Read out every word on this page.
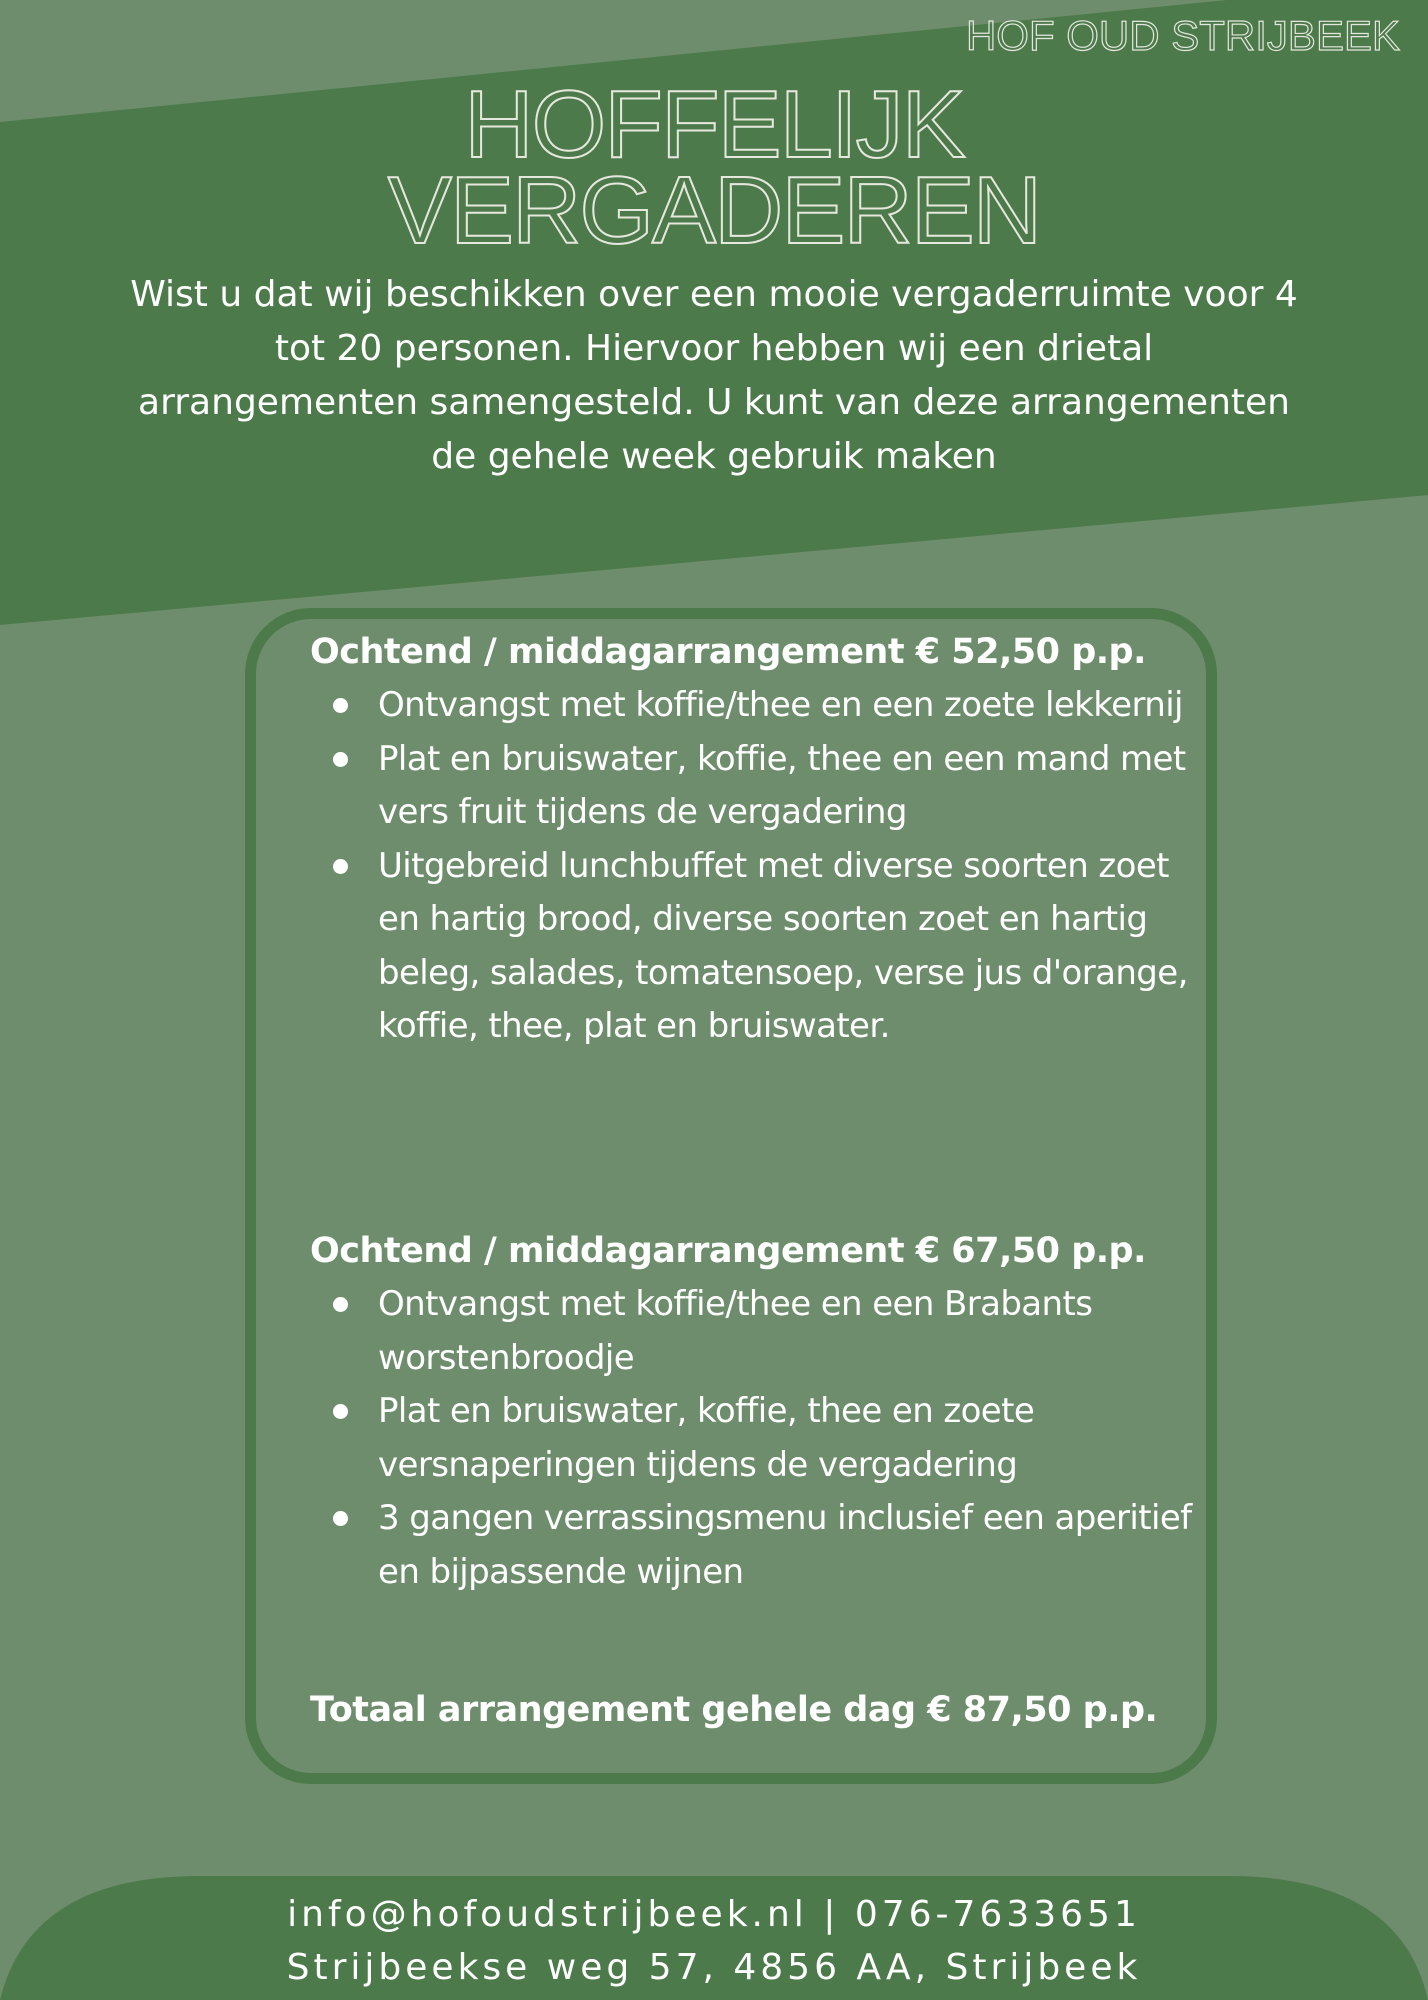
HOF OUD STRIJBEEK
HOFFELIJK
VERGADEREN
Wist u dat wij beschikken over een mooie vergaderruimte voor 4 tot 20 personen. Hiervoor hebben wij een drietal arrangementen samengesteld. U kunt van deze arrangementen de gehele week gebruik maken
Ochtend / middagarrangement € 52,50 p.p.
Ontvangst met koffie/thee en een zoete lekkernij
Plat en bruiswater, koffie, thee en een mand met vers fruit tijdens de vergadering
Uitgebreid lunchbuffet met diverse soorten zoet en hartig brood, diverse soorten zoet en hartig beleg, salades, tomatensoep, verse jus d'orange, koffie, thee, plat en bruiswater.
Ochtend / middagarrangement € 67,50 p.p.
Ontvangst met koffie/thee en een Brabants worstenbroodje
Plat en bruiswater, koffie, thee en zoete versnaperingen tijdens de vergadering
3 gangen verrassingsmenu inclusief een aperitief en bijpassende wijnen
Totaal arrangement gehele dag € 87,50 p.p.
info@hofoudstrijbeek.nl | 076-7633651
Strijbeekse weg 57, 4856 AA, Strijbeek
